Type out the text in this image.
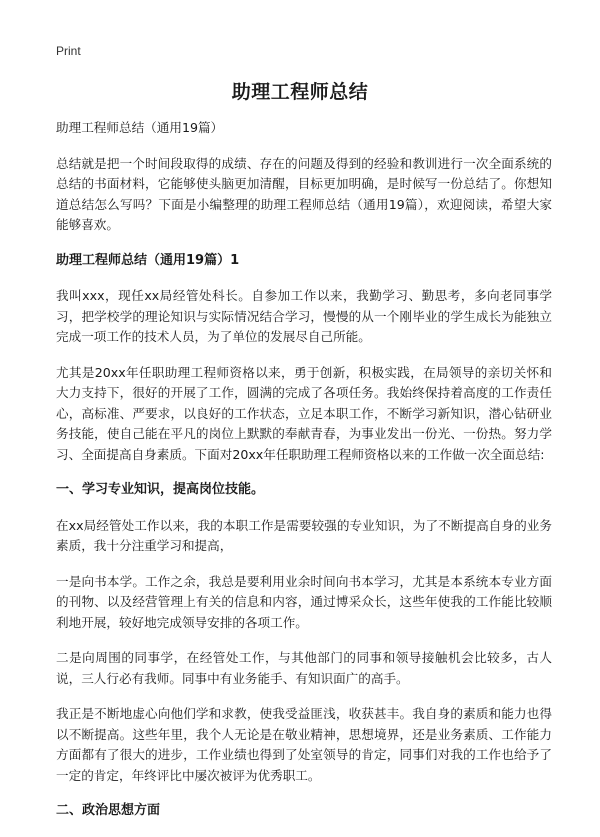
Print
助理工程师总结

助理工程师总结（通用19篇）

总结就是把一个时间段取得的成绩、存在的问题及得到的经验和教训进行一次全面系统的总结的书面材料，它能够使头脑更加清醒，目标更加明确，是时候写一份总结了。你想知道总结怎么写吗？下面是小编整理的助理工程师总结（通用19篇），欢迎阅读，希望大家能够喜欢。

助理工程师总结（通用19篇）1

我叫xxx，现任xx局经管处科长。自参加工作以来，我勤学习、勤思考，多向老同事学习，把学校学的理论知识与实际情况结合学习，慢慢的从一个刚毕业的学生成长为能独立完成一项工作的技术人员，为了单位的发展尽自己所能。

尤其是20xx年任职助理工程师资格以来，勇于创新，积极实践，在局领导的亲切关怀和大力支持下，很好的开展了工作，圆满的完成了各项任务。我始终保持着高度的工作责任心，高标准、严要求，以良好的工作状态，立足本职工作，不断学习新知识，潜心钻研业务技能，使自己能在平凡的岗位上默默的奉献青春，为事业发出一份光、一份热。努力学习、全面提高自身素质。下面对20xx年任职助理工程师资格以来的工作做一次全面总结:

一、学习专业知识，提高岗位技能。

在xx局经管处工作以来，我的本职工作是需要较强的专业知识，为了不断提高自身的业务素质，我十分注重学习和提高，

一是向书本学。工作之余，我总是要利用业余时间向书本学习，尤其是本系统本专业方面的刊物、以及经营管理上有关的信息和内容，通过博采众长，这些年使我的工作能比较顺利地开展，较好地完成领导安排的各项工作。

二是向周围的同事学，在经管处工作，与其他部门的同事和领导接触机会比较多，古人说，三人行必有我师。同事中有业务能手、有知识面广的高手。

我正是不断地虚心向他们学和求教，使我受益匪浅，收获甚丰。我自身的素质和能力也得以不断提高。这些年里，我个人无论是在敬业精神，思想境界，还是业务素质、工作能力方面都有了很大的进步，工作业绩也得到了处室领导的肯定，同事们对我的工作也给予了一定的肯定，年终评比中屡次被评为优秀职工。

二、政治思想方面
